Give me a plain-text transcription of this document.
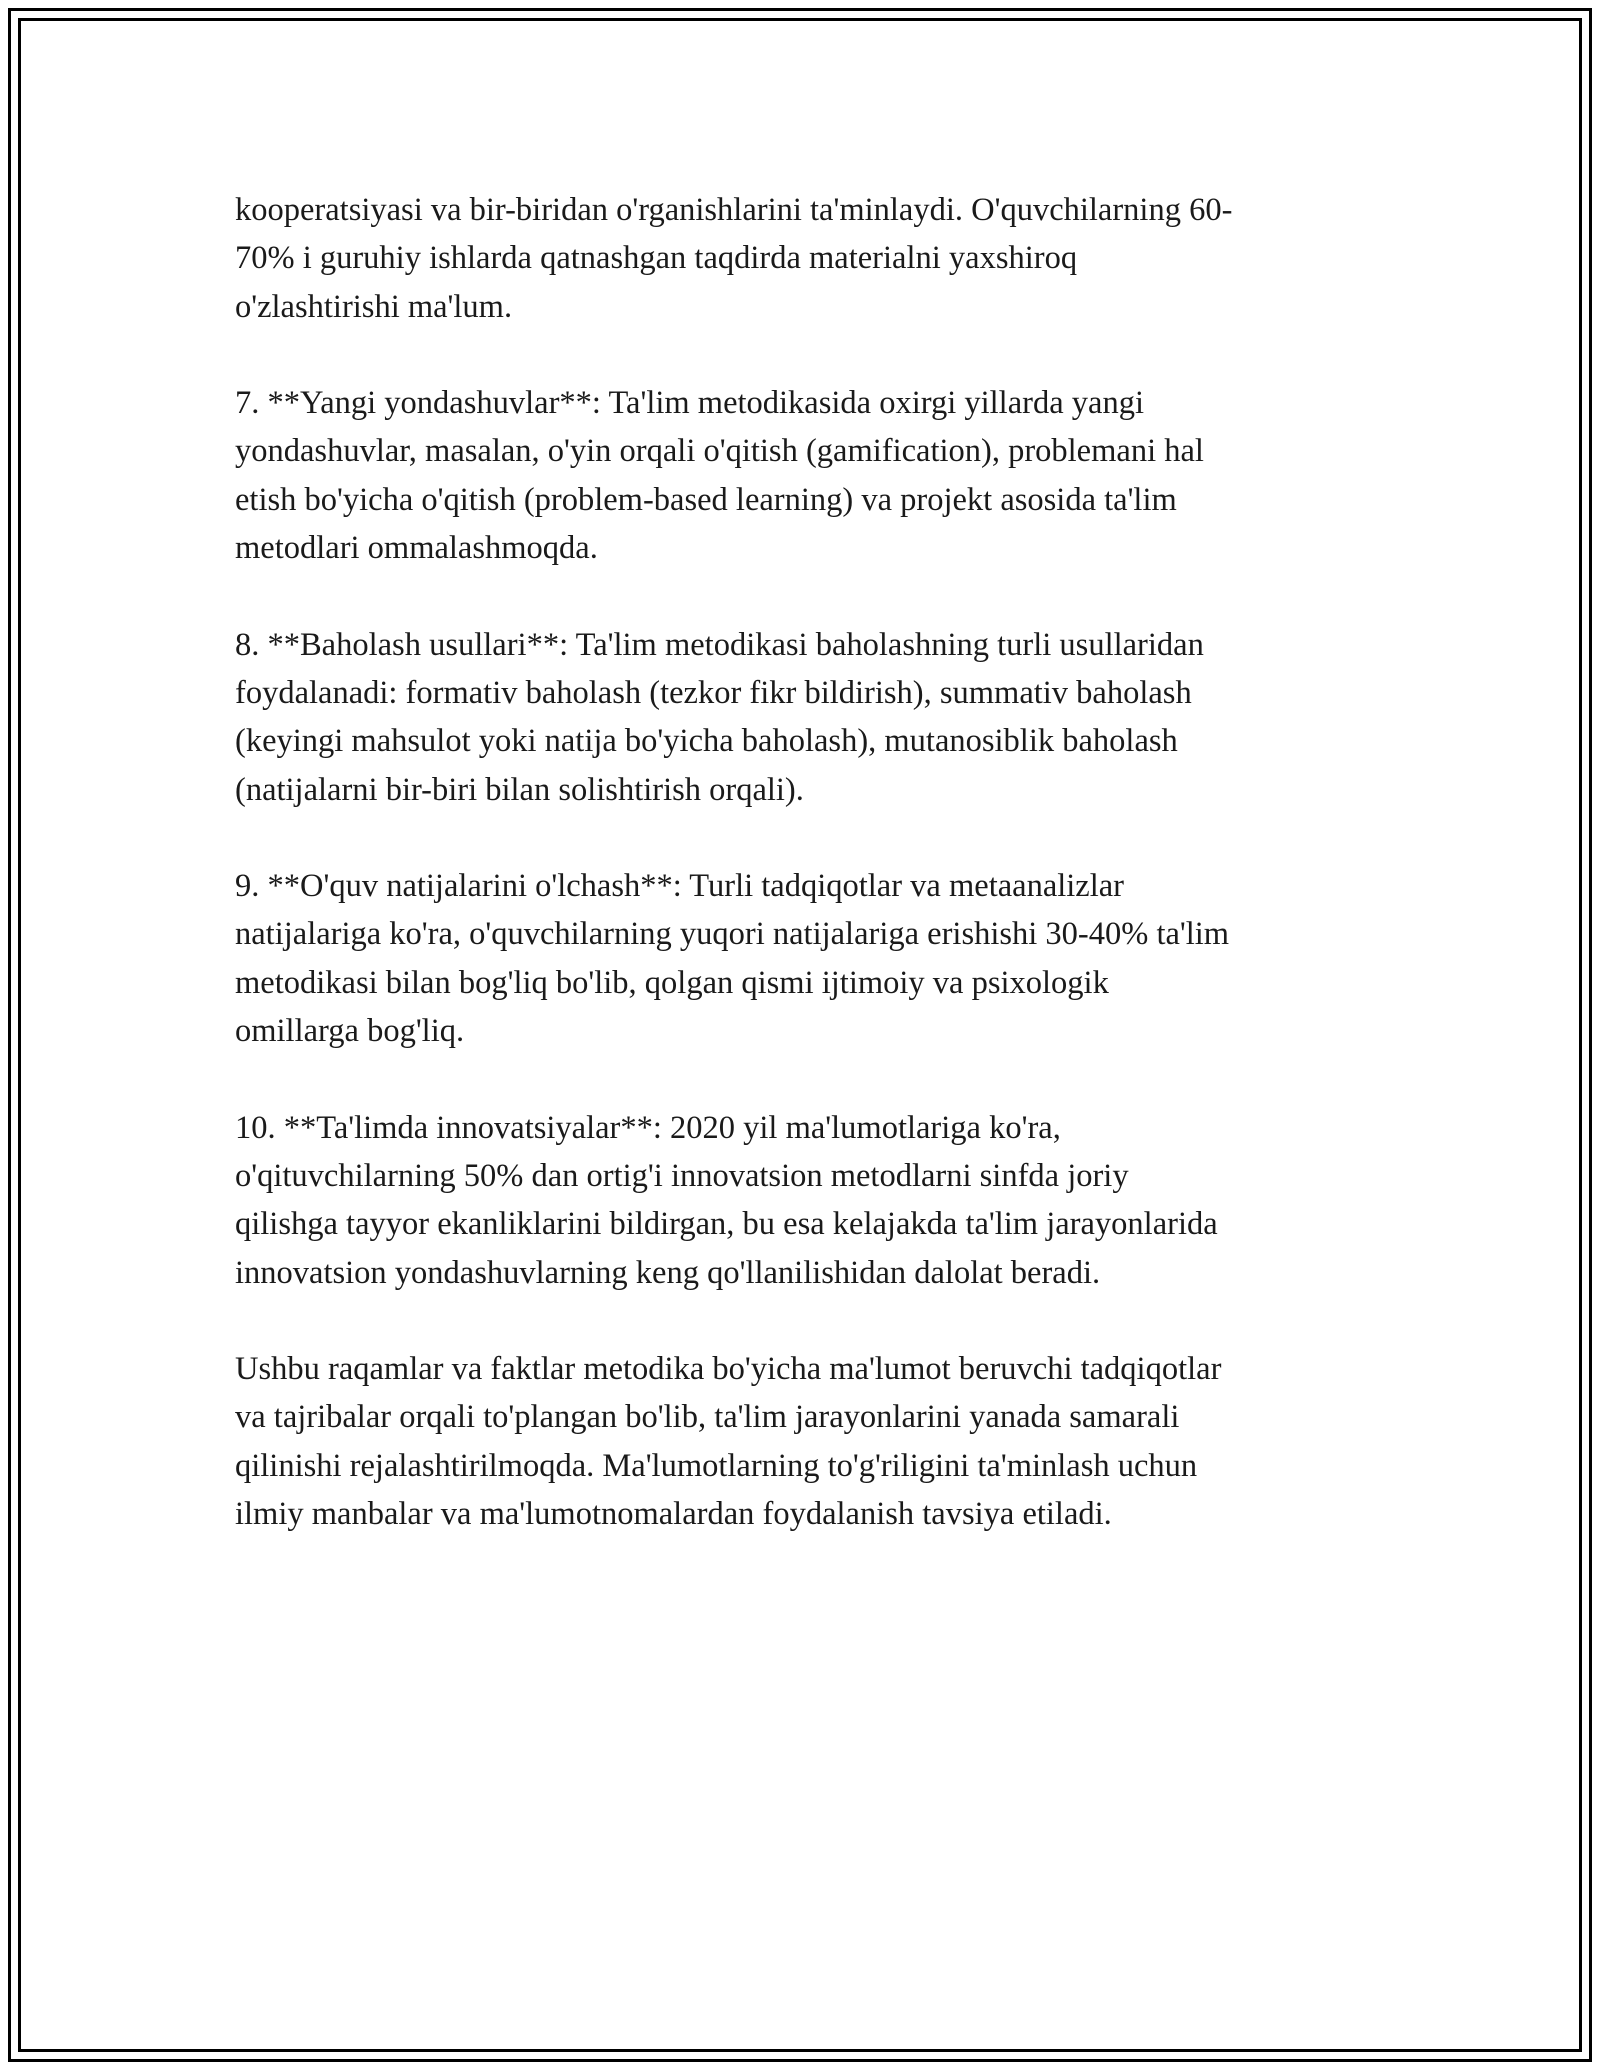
kooperatsiyasi va bir-biridan o'rganishlarini ta'minlaydi. O'quvchilarning 60-
70% i guruhiy ishlarda qatnashgan taqdirda materialni yaxshiroq
o'zlashtirishi ma'lum.

7. **Yangi yondashuvlar**: Ta'lim metodikasida oxirgi yillarda yangi
yondashuvlar, masalan, o'yin orqali o'qitish (gamification), problemani hal
etish bo'yicha o'qitish (problem-based learning) va projekt asosida ta'lim
metodlari ommalashmoqda.

8. **Baholash usullari**: Ta'lim metodikasi baholashning turli usullaridan
foydalanadi: formativ baholash (tezkor fikr bildirish), summativ baholash
(keyingi mahsulot yoki natija bo'yicha baholash), mutanosiblik baholash
(natijalarni bir-biri bilan solishtirish orqali).

9. **O'quv natijalarini o'lchash**: Turli tadqiqotlar va metaanalizlar
natijalariga ko'ra, o'quvchilarning yuqori natijalariga erishishi 30-40% ta'lim
metodikasi bilan bog'liq bo'lib, qolgan qismi ijtimoiy va psixologik
omillarga bog'liq.

10. **Ta'limda innovatsiyalar**: 2020 yil ma'lumotlariga ko'ra,
o'qituvchilarning 50% dan ortig'i innovatsion metodlarni sinfda joriy
qilishga tayyor ekanliklarini bildirgan, bu esa kelajakda ta'lim jarayonlarida
innovatsion yondashuvlarning keng qo'llanilishidan dalolat beradi.

Ushbu raqamlar va faktlar metodika bo'yicha ma'lumot beruvchi tadqiqotlar
va tajribalar orqali to'plangan bo'lib, ta'lim jarayonlarini yanada samarali
qilinishi rejalashtirilmoqda. Ma'lumotlarning to'g'riligini ta'minlash uchun
ilmiy manbalar va ma'lumotnomalardan foydalanish tavsiya etiladi.
